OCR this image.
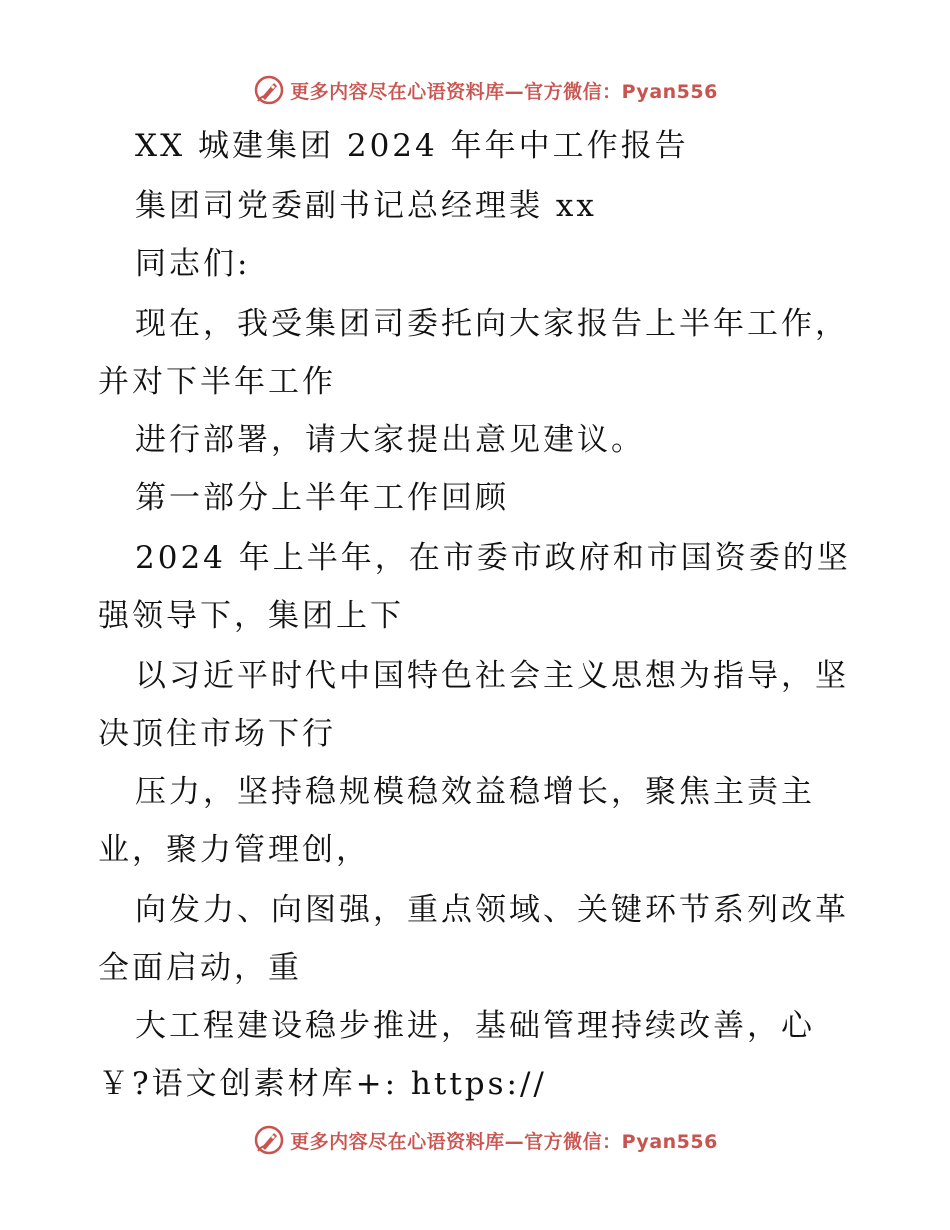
更多内容尽在心语资料库—官方微信：Pyan556
XX 城建集团 2024 年年中工作报告
集团司党委副书记总经理裴 xx
同志们:
现在，我受集团司委托向大家报告上半年工作，
并对下半年工作
进行部署，请大家提出意见建议。
第一部分上半年工作回顾
2024 年上半年，在市委市政府和市国资委的坚
强领导下，集团上下
以习近平时代中国特色社会主义思想为指导，坚
决顶住市场下行
压力，坚持稳规模稳效益稳增长，聚焦主责主
业，聚力管理创，
向发力、向图强，重点领域、关键环节系列改革
全面启动，重
大工程建设稳步推进，基础管理持续改善，心
￥?语文创素材库+: https://
更多内容尽在心语资料库—官方微信：Pyan556
